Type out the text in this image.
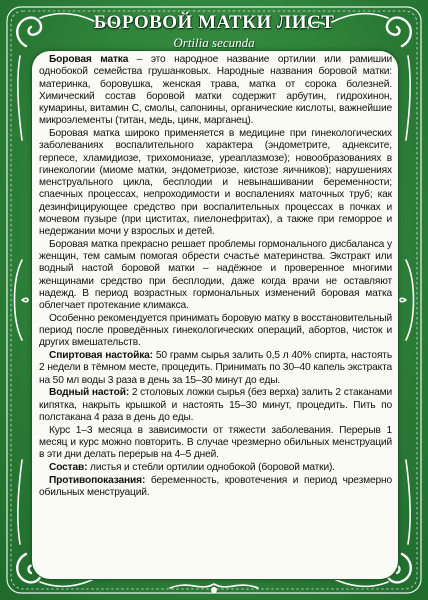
БОРОВОЙ МАТКИ ЛИСТ
Ortilia secunda

Боровая матка – это народное название ортилии или рамишии однобокой семейства грушанковых. Народные названия боровой матки: материнка, боровушка, женская трава, матка от сорока болезней. Химический состав боровой матки содержит арбутин, гидрохинон, кумарины, витамин С, смолы, сапонины, органические кислоты, важнейшие микроэлементы (титан, медь, цинк, марганец).

Боровая матка широко применяется в медицине при гинекологических заболеваниях воспалительного характера (эндометрите, аднексите, герпесе, хламидиозе, трихомониазе, уреаплазмозе); новообразованиях в гинекологии (миоме матки, эндометриозе, кистозе яичников); нарушениях менструального цикла, бесплодии и невынашивании беременности; спаечных процессах, непроходимости и воспалениях маточных труб; как дезинфицирующее средство при воспалительных процессах в почках и мочевом пузыре (при циститах, пиелонефритах), а также при геморрое и недержании мочи у взрослых и детей.

Боровая матка прекрасно решает проблемы гормонального дисбаланса у женщин, тем самым помогая обрести счастье материнства. Экстракт или водный настой боровой матки – надёжное и проверенное многими женщинами средство при бесплодии, даже когда врачи не оставляют надежд. В период возрастных гормональных изменений боровая матка облегчает протекание климакса.

Особенно рекомендуется принимать боровую матку в восстановительный период после проведённых гинекологических операций, абортов, чисток и других вмешательств.

Спиртовая настойка: 50 грамм сырья залить 0,5 л 40% спирта, настоять 2 недели в тёмном месте, процедить. Принимать по 30–40 капель экстракта на 50 мл воды 3 раза в день за 15–30 минут до еды.

Водный настой: 2 столовых ложки сырья (без верха) залить 2 стаканами кипятка, накрыть крышкой и настоять 15–30 минут, процедить. Пить по полстакана 4 раза в день до еды.

Курс 1–3 месяца в зависимости от тяжести заболевания. Перерыв 1 месяц и курс можно повторить. В случае чрезмерно обильных менструаций в эти дни делать перерыв на 4–5 дней.

Состав: листья и стебли ортилии однобокой (боровой матки).

Противопоказания: беременность, кровотечения и период чрезмерно обильных менструаций.
